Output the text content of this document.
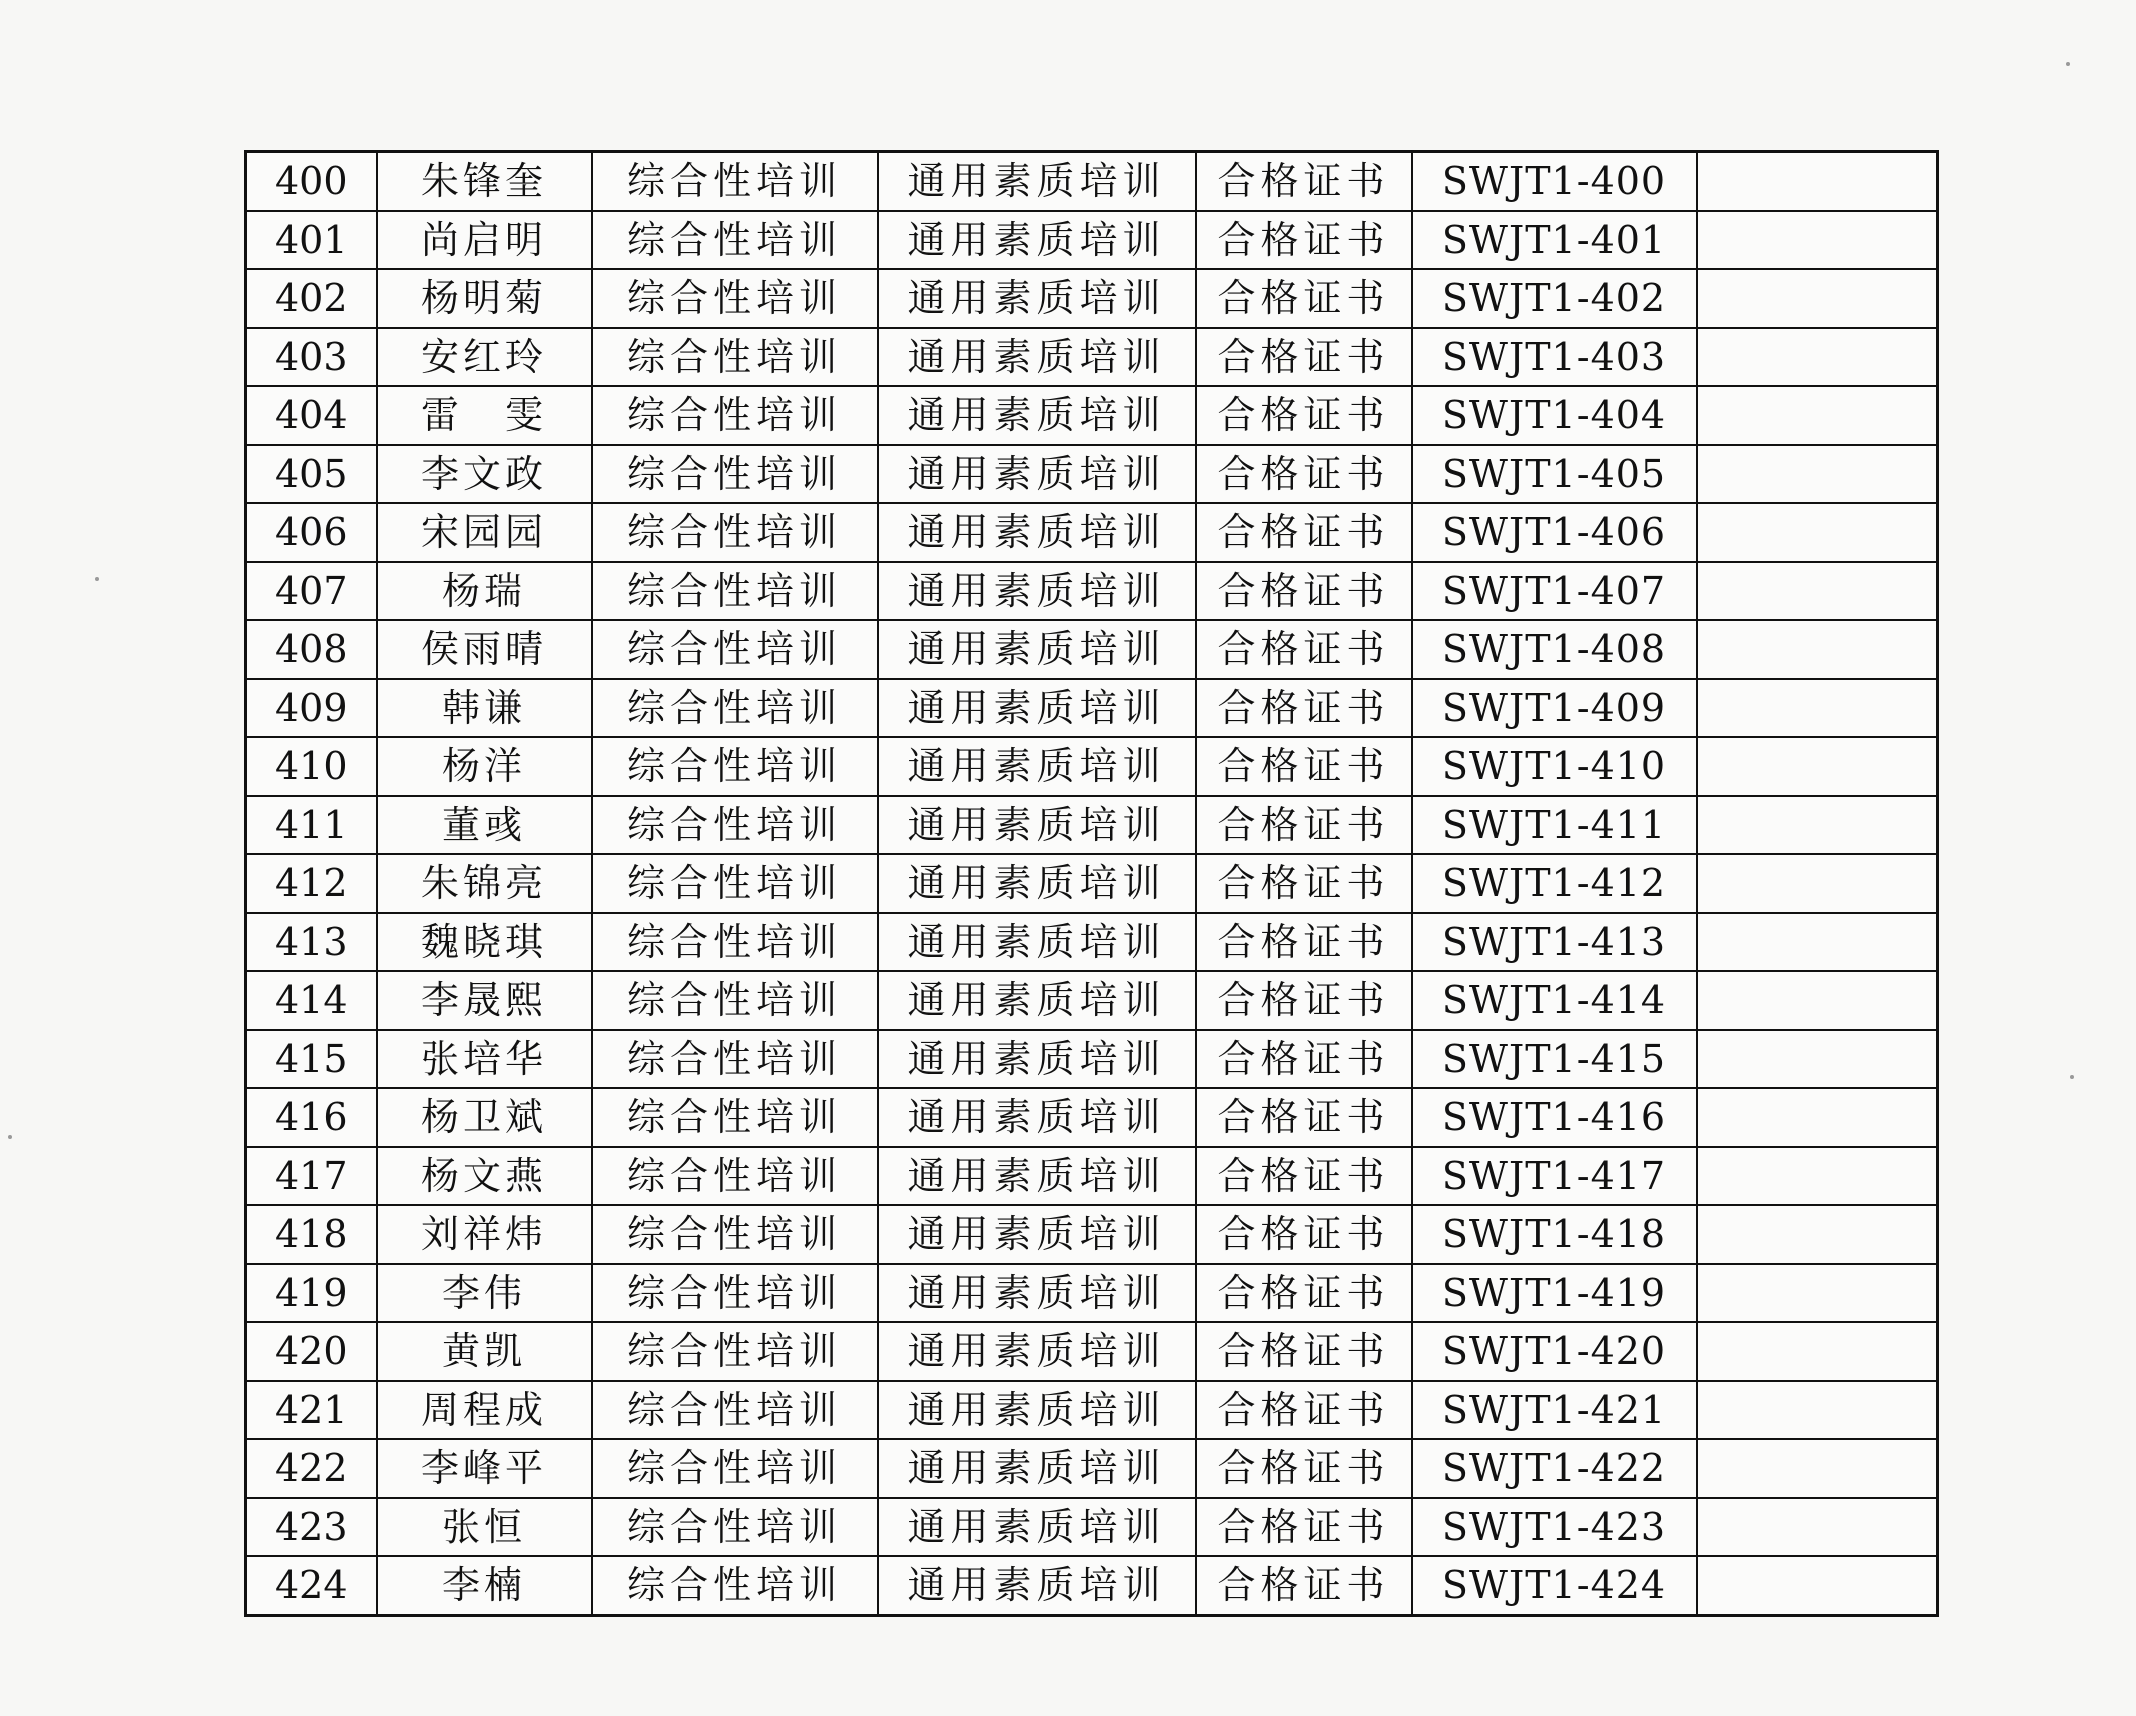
400	朱锋奎	综合性培训	通用素质培训	合格证书	SWJT1-400	
401	尚启明	综合性培训	通用素质培训	合格证书	SWJT1-401	
402	杨明菊	综合性培训	通用素质培训	合格证书	SWJT1-402	
403	安红玲	综合性培训	通用素质培训	合格证书	SWJT1-403	
404	雷　雯	综合性培训	通用素质培训	合格证书	SWJT1-404	
405	李文政	综合性培训	通用素质培训	合格证书	SWJT1-405	
406	宋园园	综合性培训	通用素质培训	合格证书	SWJT1-406	
407	杨瑞	综合性培训	通用素质培训	合格证书	SWJT1-407	
408	侯雨晴	综合性培训	通用素质培训	合格证书	SWJT1-408	
409	韩谦	综合性培训	通用素质培训	合格证书	SWJT1-409	
410	杨洋	综合性培训	通用素质培训	合格证书	SWJT1-410	
411	董彧	综合性培训	通用素质培训	合格证书	SWJT1-411	
412	朱锦亮	综合性培训	通用素质培训	合格证书	SWJT1-412	
413	魏晓琪	综合性培训	通用素质培训	合格证书	SWJT1-413	
414	李晟熙	综合性培训	通用素质培训	合格证书	SWJT1-414	
415	张培华	综合性培训	通用素质培训	合格证书	SWJT1-415	
416	杨卫斌	综合性培训	通用素质培训	合格证书	SWJT1-416	
417	杨文燕	综合性培训	通用素质培训	合格证书	SWJT1-417	
418	刘祥炜	综合性培训	通用素质培训	合格证书	SWJT1-418	
419	李伟	综合性培训	通用素质培训	合格证书	SWJT1-419	
420	黄凯	综合性培训	通用素质培训	合格证书	SWJT1-420	
421	周程成	综合性培训	通用素质培训	合格证书	SWJT1-421	
422	李峰平	综合性培训	通用素质培训	合格证书	SWJT1-422	
423	张恒	综合性培训	通用素质培训	合格证书	SWJT1-423	
424	李楠	综合性培训	通用素质培训	合格证书	SWJT1-424	
